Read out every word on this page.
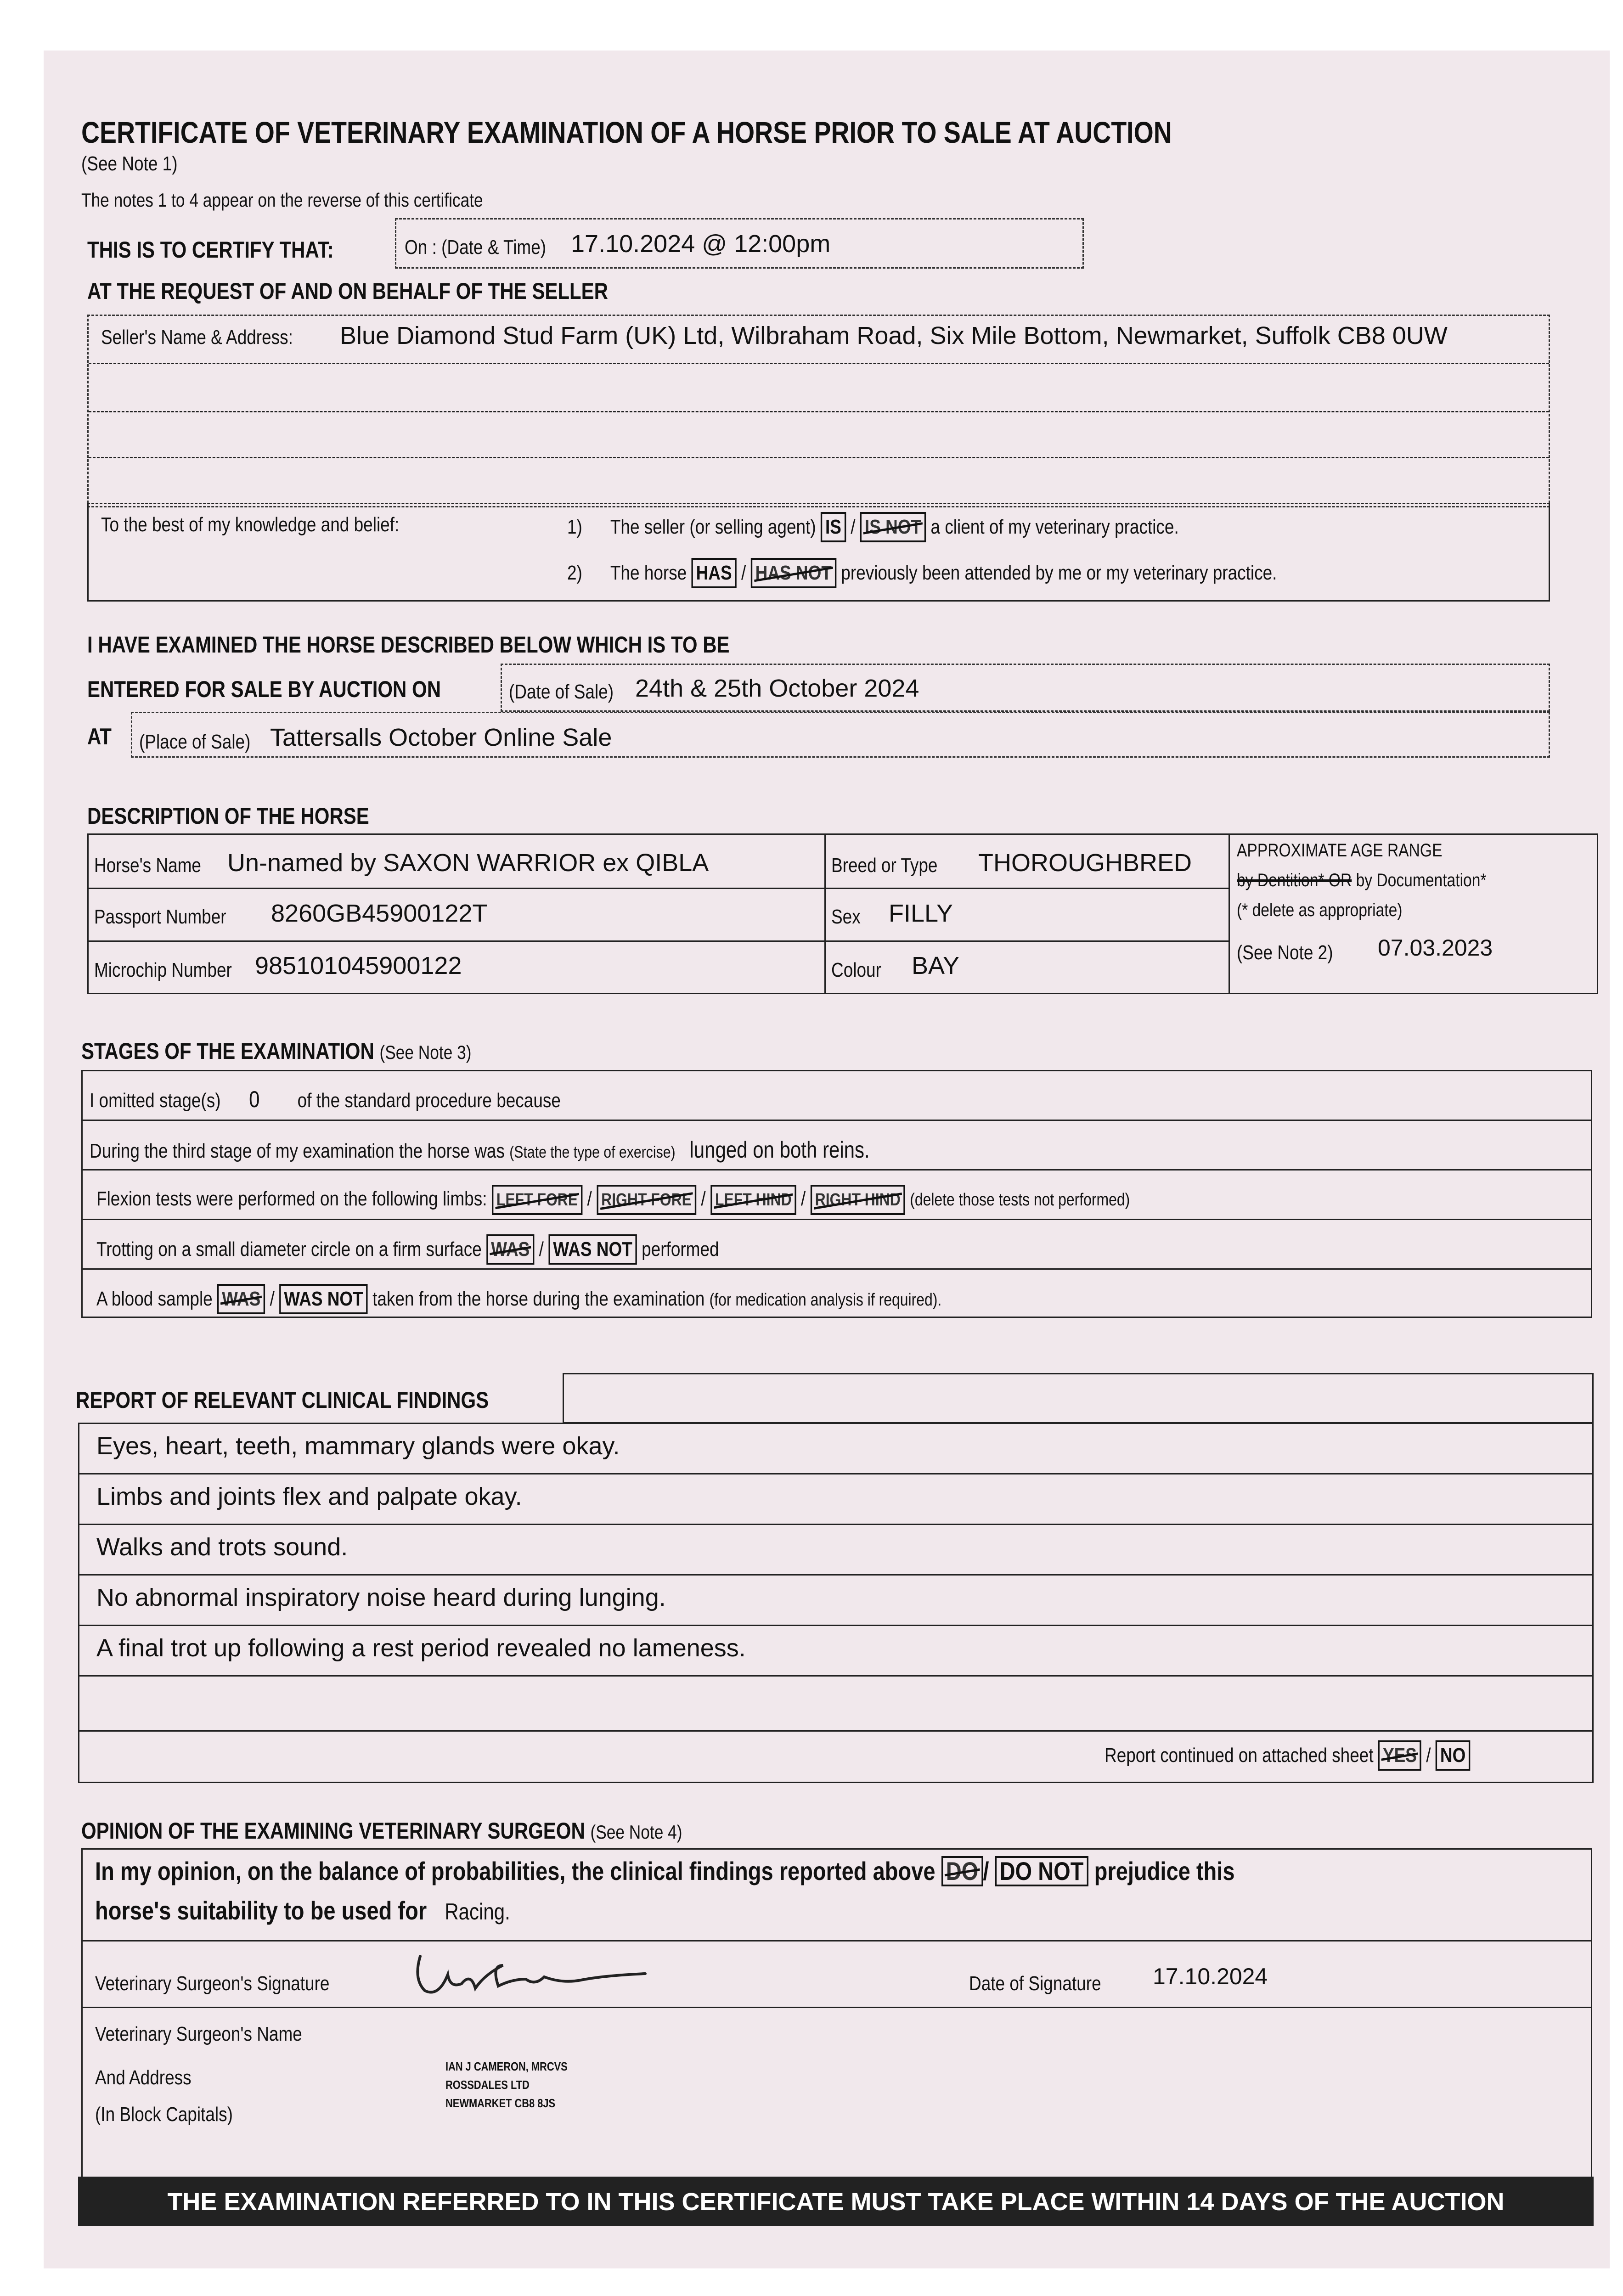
CERTIFICATE OF VETERINARY EXAMINATION OF A HORSE PRIOR TO SALE AT AUCTION
(See Note 1)
The notes 1 to 4 appear on the reverse of this certificate
THIS IS TO CERTIFY THAT:	On : (Date & Time) 17.10.2024 @ 12:00pm
AT THE REQUEST OF AND ON BEHALF OF THE SELLER
Seller's Name & Address: Blue Diamond Stud Farm (UK) Ltd, Wilbraham Road, Six Mile Bottom, Newmarket, Suffolk CB8 0UW
To the best of my knowledge and belief:	1) The seller (or selling agent) IS / IS NOT a client of my veterinary practice.
2) The horse HAS / HAS NOT previously been attended by me or my veterinary practice.
I HAVE EXAMINED THE HORSE DESCRIBED BELOW WHICH IS TO BE
ENTERED FOR SALE BY AUCTION ON	(Date of Sale) 24th & 25th October 2024
AT (Place of Sale) Tattersalls October Online Sale
DESCRIPTION OF THE HORSE
Horse's Name Un-named by SAXON WARRIOR ex QIBLA
Passport Number 8260GB45900122T
Microchip Number 985101045900122
Breed or Type THOROUGHBRED
Sex FILLY
Colour BAY
APPROXIMATE AGE RANGE
by Dentition* OR by Documentation*
(* delete as appropriate)
(See Note 2) 07.03.2023
STAGES OF THE EXAMINATION (See Note 3)
I omitted stage(s) 0 of the standard procedure because
During the third stage of my examination the horse was (State the type of exercise) lunged on both reins.
Flexion tests were performed on the following limbs: LEFT FORE / RIGHT FORE / LEFT HIND / RIGHT HIND (delete those tests not performed)
Trotting on a small diameter circle on a firm surface WAS / WAS NOT performed
A blood sample WAS / WAS NOT taken from the horse during the examination (for medication analysis if required).
REPORT OF RELEVANT CLINICAL FINDINGS
Eyes, heart, teeth, mammary glands were okay.
Limbs and joints flex and palpate okay.
Walks and trots sound.
No abnormal inspiratory noise heard during lunging.
A final trot up following a rest period revealed no lameness.
Report continued on attached sheet YES / NO
OPINION OF THE EXAMINING VETERINARY SURGEON (See Note 4)
In my opinion, on the balance of probabilities, the clinical findings reported above DO / DO NOT prejudice this
horse's suitability to be used for Racing.
Veterinary Surgeon's Signature	Date of Signature 17.10.2024
Veterinary Surgeon's Name
And Address
(In Block Capitals)
IAN J CAMERON, MRCVS
ROSSDALES LTD
NEWMARKET CB8 8JS
THE EXAMINATION REFERRED TO IN THIS CERTIFICATE MUST TAKE PLACE WITHIN 14 DAYS OF THE AUCTION
